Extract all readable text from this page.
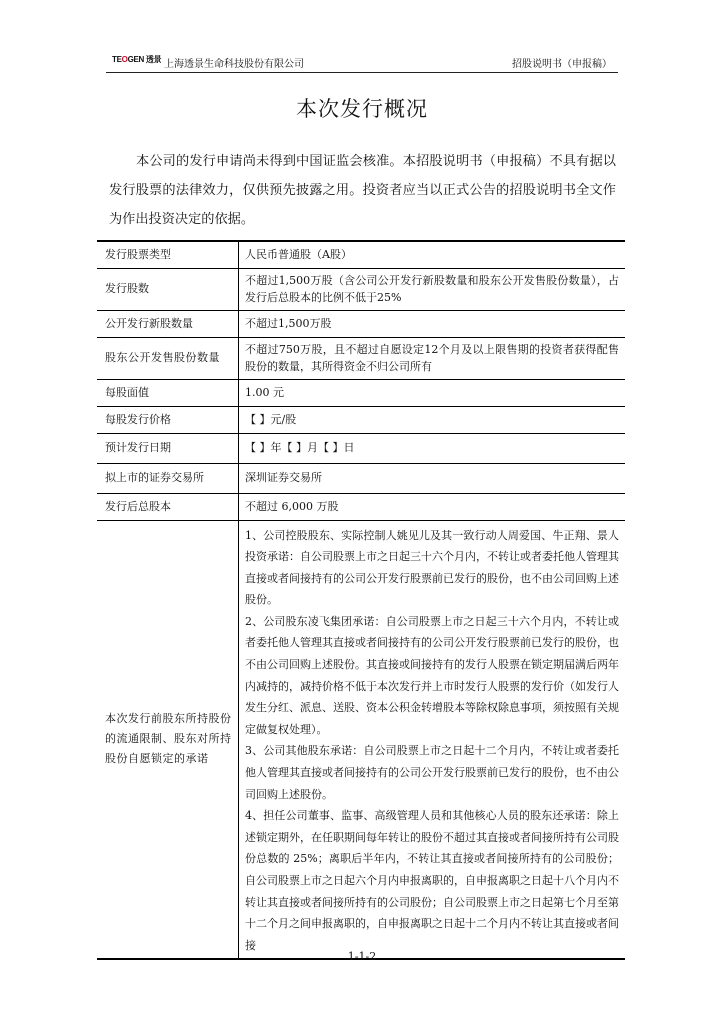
TEOGEN 透景 上海透景生命科技股份有限公司	招股说明书（申报稿）
本次发行概况

本公司的发行申请尚未得到中国证监会核准。本招股说明书（申报稿）不具有据以发行股票的法律效力，仅供预先披露之用。投资者应当以正式公告的招股说明书全文作为作出投资决定的依据。

发行股票类型	人民币普通股（A股）
发行股数	不超过1,500万股（含公司公开发行新股数量和股东公开发售股份数量），占发行后总股本的比例不低于25%
公开发行新股数量	不超过1,500万股
股东公开发售股份数量	不超过750万股，且不超过自愿设定12个月及以上限售期的投资者获得配售股份的数量，其所得资金不归公司所有
每股面值	1.00 元
每股发行价格	【 】元/股
预计发行日期	【 】年【 】月【 】日
拟上市的证券交易所	深圳证券交易所
发行后总股本	不超过 6,000 万股
本次发行前股东所持股份的流通限制、股东对所持股份自愿锁定的承诺	1、公司控股股东、实际控制人姚见儿及其一致行动人周爱国、牛正翔、景人投资承诺：自公司股票上市之日起三十六个月内，不转让或者委托他人管理其直接或者间接持有的公司公开发行股票前已发行的股份，也不由公司回购上述股份。

2、公司股东凌飞集团承诺：自公司股票上市之日起三十六个月内，不转让或者委托他人管理其直接或者间接持有的公司公开发行股票前已发行的股份，也不由公司回购上述股份。其直接或间接持有的发行人股票在锁定期届满后两年内减持的，减持价格不低于本次发行并上市时发行人股票的发行价（如发行人发生分红、派息、送股、资本公积金转增股本等除权除息事项，须按照有关规定做复权处理）。

3、公司其他股东承诺：自公司股票上市之日起十二个月内，不转让或者委托他人管理其直接或者间接持有的公司公开发行股票前已发行的股份，也不由公司回购上述股份。

4、担任公司董事、监事、高级管理人员和其他核心人员的股东还承诺：除上述锁定期外，在任职期间每年转让的股份不超过其直接或者间接所持有公司股份总数的 25%；离职后半年内，不转让其直接或者间接所持有的公司股份；自公司股票上市之日起六个月内申报离职的，自申报离职之日起十八个月内不转让其直接或者间接所持有的公司股份；自公司股票上市之日起第七个月至第十二个月之间申报离职的，自申报离职之日起十二个月内不转让其直接或者间接

1-1-2
